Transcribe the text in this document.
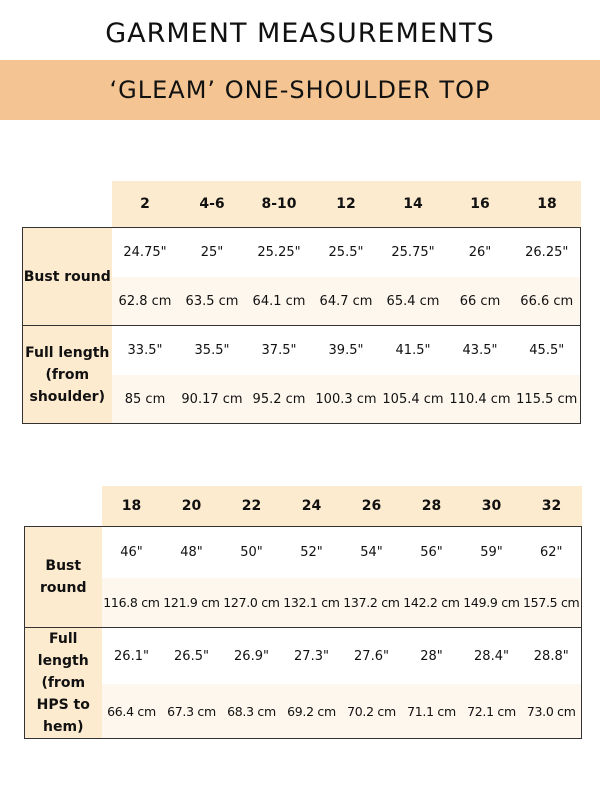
GARMENT MEASUREMENTS
‘GLEAM’ ONE-SHOULDER TOP
	2	4-6	8-10	12	14	16	18
Bust round	24.75"	25"	25.25"	25.5"	25.75"	26"	26.25"
	62.8 cm	63.5 cm	64.1 cm	64.7 cm	65.4 cm	66 cm	66.6 cm
Full length (from shoulder)	33.5"	35.5"	37.5"	39.5"	41.5"	43.5"	45.5"
	85 cm	90.17 cm	95.2 cm	100.3 cm	105.4 cm	110.4 cm	115.5 cm
	18	20	22	24	26	28	30	32
Bust round	46"	48"	50"	52"	54"	56"	59"	62"
	116.8 cm	121.9 cm	127.0 cm	132.1 cm	137.2 cm	142.2 cm	149.9 cm	157.5 cm
Full length (from HPS to hem)	26.1"	26.5"	26.9"	27.3"	27.6"	28"	28.4"	28.8"
	66.4 cm	67.3 cm	68.3 cm	69.2 cm	70.2 cm	71.1 cm	72.1 cm	73.0 cm
